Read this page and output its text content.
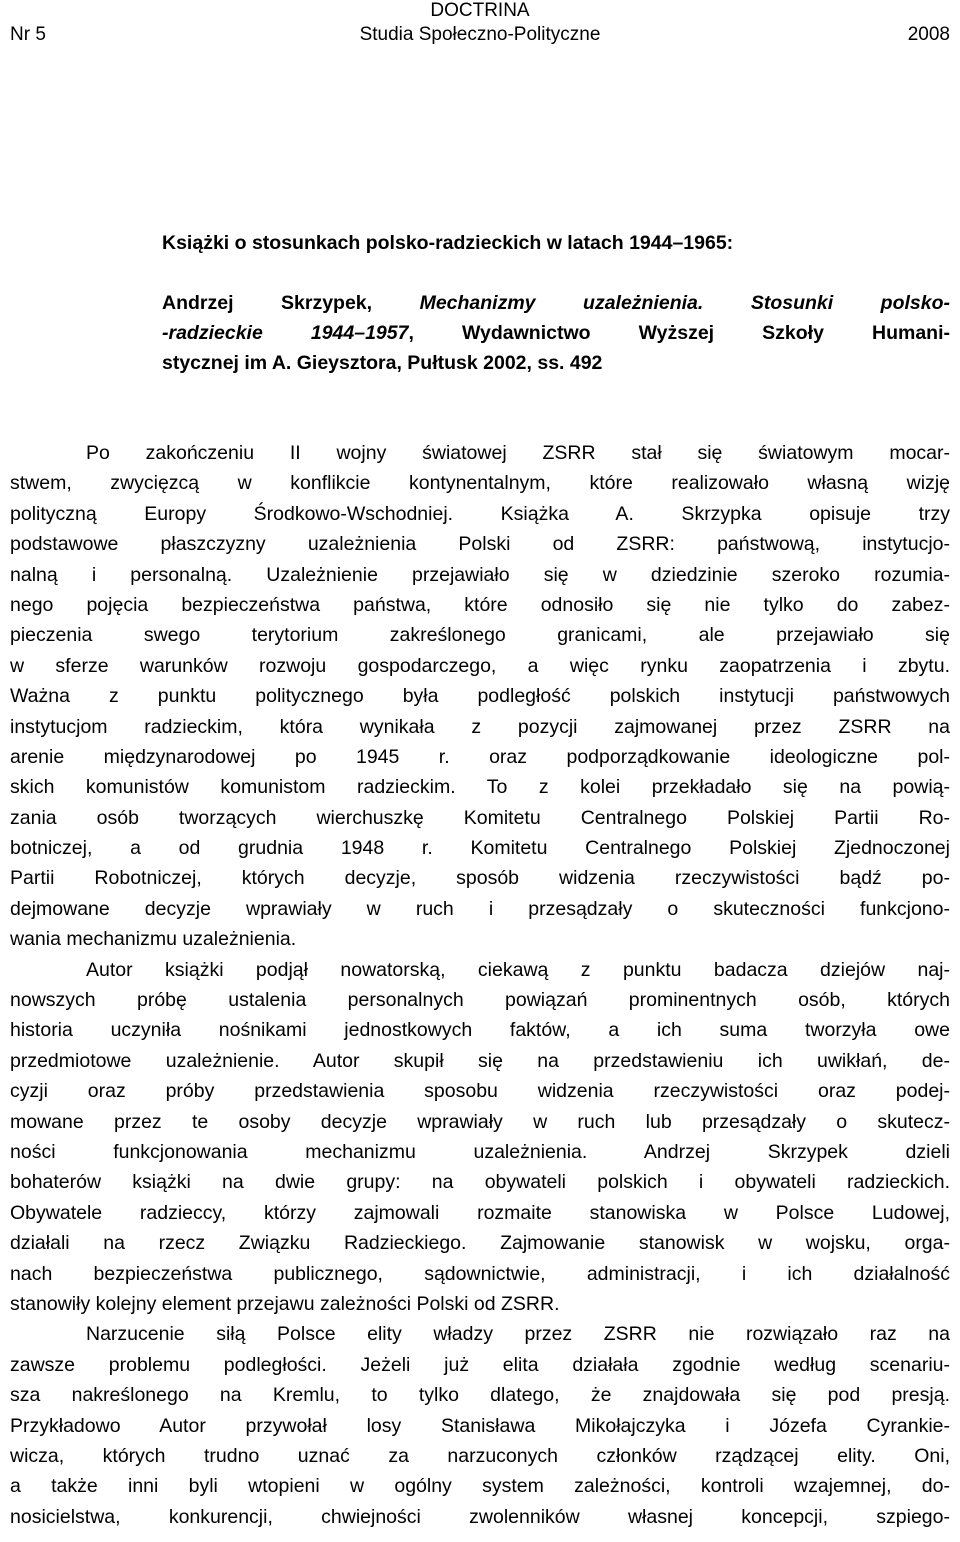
DOCTRINA
Nr 5	Studia Społeczno-Polityczne	2008
Książki o stosunkach polsko-radzieckich w latach 1944–1965:
Andrzej Skrzypek, Mechanizmy uzależnienia. Stosunki polsko-
-radzieckie 1944–1957, Wydawnictwo Wyższej Szkoły Humani-
stycznej im A. Gieysztora, Pułtusk 2002, ss. 492
Po zakończeniu II wojny światowej ZSRR stał się światowym mocar-
stwem, zwycięzcą w konflikcie kontynentalnym, które realizowało własną wizję
polityczną Europy Środkowo-Wschodniej. Książka A. Skrzypka opisuje trzy
podstawowe płaszczyzny uzależnienia Polski od ZSRR: państwową, instytucjo-
nalną i personalną. Uzależnienie przejawiało się w dziedzinie szeroko rozumia-
nego pojęcia bezpieczeństwa państwa, które odnosiło się nie tylko do zabez-
pieczenia swego terytorium zakreślonego granicami, ale przejawiało się
w sferze warunków rozwoju gospodarczego, a więc rynku zaopatrzenia i zbytu.
Ważna z punktu politycznego była podległość polskich instytucji państwowych
instytucjom radzieckim, która wynikała z pozycji zajmowanej przez ZSRR na
arenie międzynarodowej po 1945 r. oraz podporządkowanie ideologiczne pol-
skich komunistów komunistom radzieckim. To z kolei przekładało się na powią-
zania osób tworzących wierchuszkę Komitetu Centralnego Polskiej Partii Ro-
botniczej, a od grudnia 1948 r. Komitetu Centralnego Polskiej Zjednoczonej
Partii Robotniczej, których decyzje, sposób widzenia rzeczywistości bądź po-
dejmowane decyzje wprawiały w ruch i przesądzały o skuteczności funkcjono-
wania mechanizmu uzależnienia.
Autor książki podjął nowatorską, ciekawą z punktu badacza dziejów naj-
nowszych próbę ustalenia personalnych powiązań prominentnych osób, których
historia uczyniła nośnikami jednostkowych faktów, a ich suma tworzyła owe
przedmiotowe uzależnienie. Autor skupił się na przedstawieniu ich uwikłań, de-
cyzji oraz próby przedstawienia sposobu widzenia rzeczywistości oraz podej-
mowane przez te osoby decyzje wprawiały w ruch lub przesądzały o skutecz-
ności funkcjonowania mechanizmu uzależnienia. Andrzej Skrzypek dzieli
bohaterów książki na dwie grupy: na obywateli polskich i obywateli radzieckich.
Obywatele radzieccy, którzy zajmowali rozmaite stanowiska w Polsce Ludowej,
działali na rzecz Związku Radzieckiego. Zajmowanie stanowisk w wojsku, orga-
nach bezpieczeństwa publicznego, sądownictwie, administracji, i ich działalność
stanowiły kolejny element przejawu zależności Polski od ZSRR.
Narzucenie siłą Polsce elity władzy przez ZSRR nie rozwiązało raz na
zawsze problemu podległości. Jeżeli już elita działała zgodnie według scenariu-
sza nakreślonego na Kremlu, to tylko dlatego, że znajdowała się pod presją.
Przykładowo Autor przywołał losy Stanisława Mikołajczyka i Józefa Cyrankie-
wicza, których trudno uznać za narzuconych członków rządzącej elity. Oni,
a także inni byli wtopieni w ogólny system zależności, kontroli wzajemnej, do-
nosicielstwa, konkurencji, chwiejności zwolenników własnej koncepcji, szpiego-
